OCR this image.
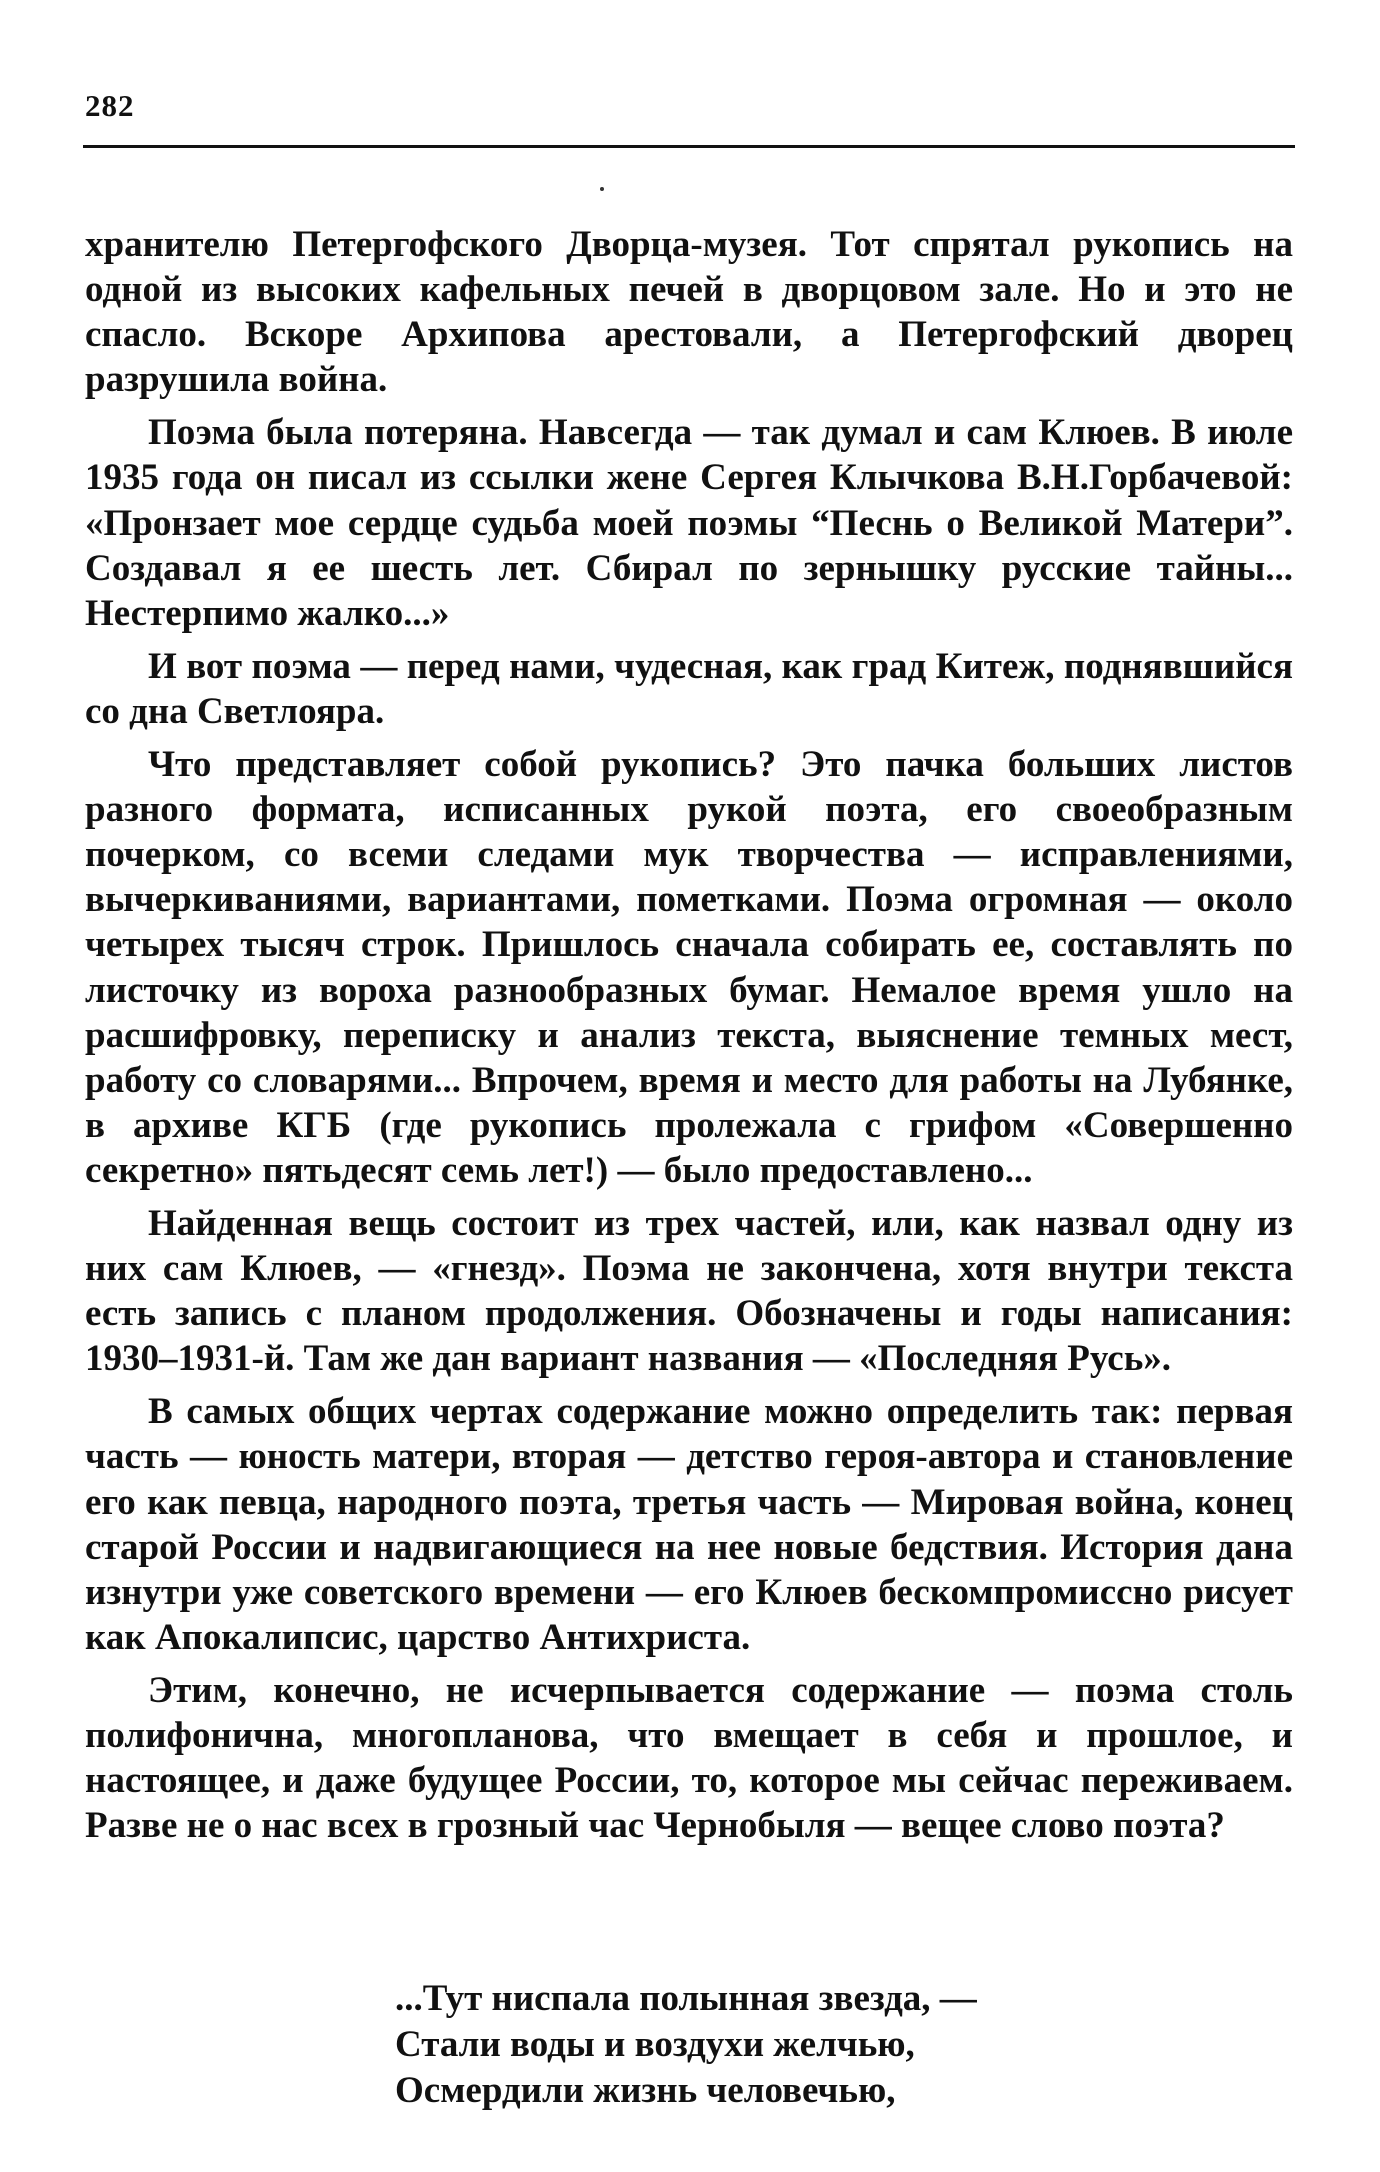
282

хранителю Петергофского Дворца-музея. Тот спрятал рукопись на одной из высоких кафельных печей в дворцовом зале. Но и это не спасло. Вскоре Архипова арестовали, а Петергофский дворец разрушила война.

Поэма была потеряна. Навсегда — так думал и сам Клюев. В июле 1935 года он писал из ссылки жене Сергея Клычкова В.Н.Горбачевой: «Пронзает мое сердце судьба моей поэмы “Песнь о Великой Матери”. Создавал я ее шесть лет. Сбирал по зернышку русские тайны... Нестерпимо жалко...»

И вот поэма — перед нами, чудесная, как град Китеж, поднявшийся со дна Светлояра.

Что представляет собой рукопись? Это пачка больших листов разного формата, исписанных рукой поэта, его своеобразным почерком, со всеми следами мук творчества — исправлениями, вычеркиваниями, вариантами, пометками. Поэма огромная — около четырех тысяч строк. Пришлось сначала собирать ее, составлять по листочку из вороха разнообразных бумаг. Немалое время ушло на расшифровку, переписку и анализ текста, выяснение темных мест, работу со словарями... Впрочем, время и место для работы на Лубянке, в архиве КГБ (где рукопись пролежала с грифом «Совершенно секретно» пятьдесят семь лет!) — было предоставлено...

Найденная вещь состоит из трех частей, или, как назвал одну из них сам Клюев, — «гнезд». Поэма не закончена, хотя внутри текста есть запись с планом продолжения. Обозначены и годы написания: 1930–1931-й. Там же дан вариант названия — «Последняя Русь».

В самых общих чертах содержание можно определить так: первая часть — юность матери, вторая — детство героя-автора и становление его как певца, народного поэта, третья часть — Мировая война, конец старой России и надвигающиеся на нее новые бедствия. История дана изнутри уже советского времени — его Клюев бескомпромиссно рисует как Апокалипсис, царство Антихриста.

Этим, конечно, не исчерпывается содержание — поэма столь полифонична, многопланова, что вмещает в себя и прошлое, и настоящее, и даже будущее России, то, которое мы сейчас переживаем. Разве не о нас всех в грозный час Чернобыля — вещее слово поэта?

...Тут ниспала полынная звезда, —
Стали воды и воздухи желчью,
Осмердили жизнь человечью,
